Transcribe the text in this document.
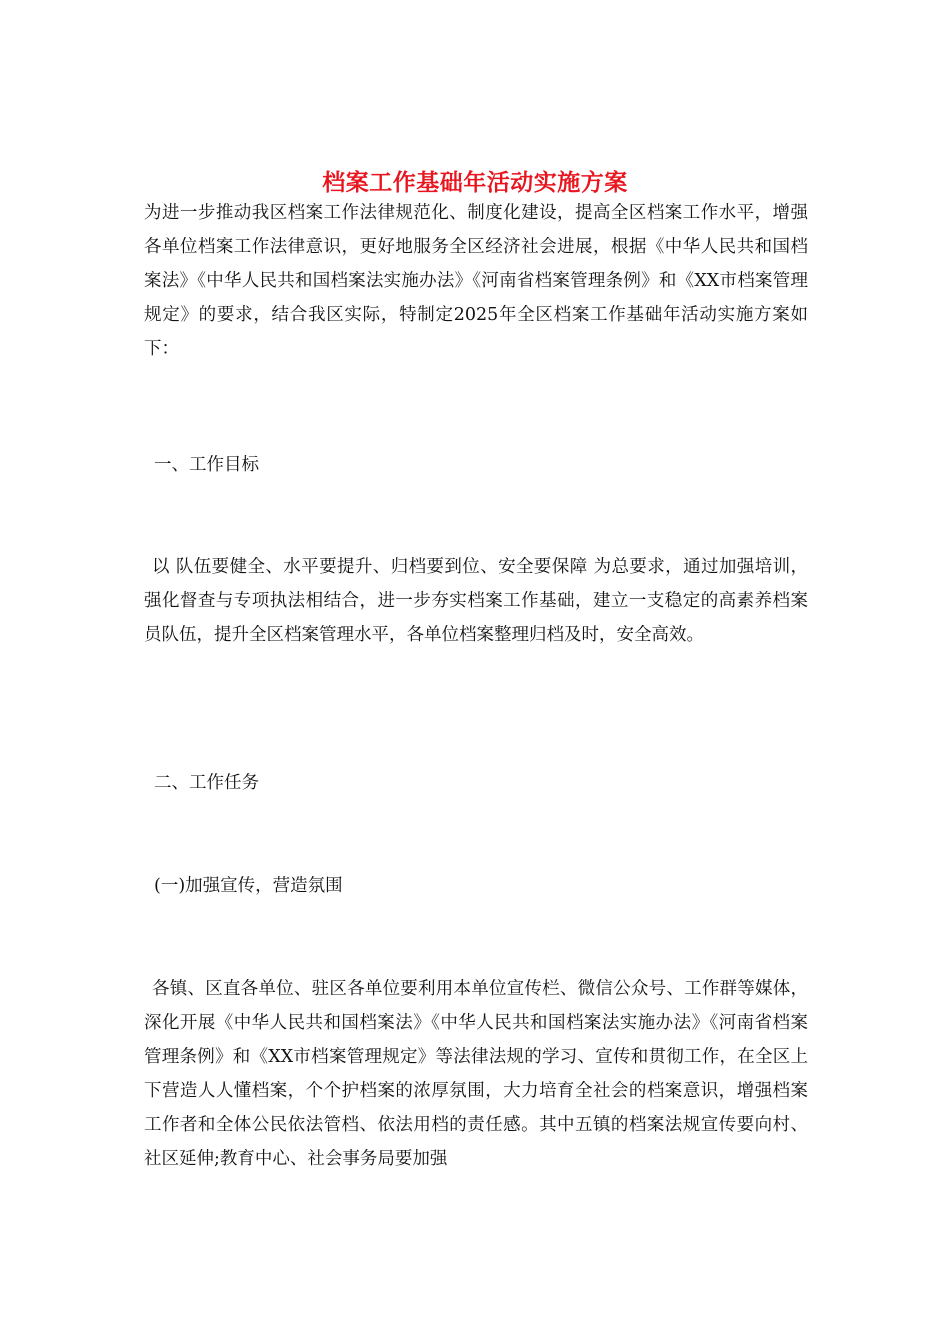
档案工作基础年活动实施方案

为进一步推动我区档案工作法律规范化、制度化建设，提高全区档案工作水平，增强各单位档案工作法律意识，更好地服务全区经济社会进展，根据《中华人民共和国档案法》《中华人民共和国档案法实施办法》《河南省档案管理条例》和《XX市档案管理规定》的要求，结合我区实际，特制定2025年全区档案工作基础年活动实施方案如下：

一、工作目标

以 队伍要健全、水平要提升、归档要到位、安全要保障 为总要求，通过加强培训，强化督查与专项执法相结合，进一步夯实档案工作基础，建立一支稳定的高素养档案员队伍，提升全区档案管理水平，各单位档案整理归档及时，安全高效。

二、工作任务
(一)加强宣传，营造氛围

各镇、区直各单位、驻区各单位要利用本单位宣传栏、微信公众号、工作群等媒体，深化开展《中华人民共和国档案法》《中华人民共和国档案法实施办法》《河南省档案管理条例》和《XX市档案管理规定》等法律法规的学习、宣传和贯彻工作，在全区上下营造人人懂档案，个个护档案的浓厚氛围，大力培育全社会的档案意识，增强档案工作者和全体公民依法管档、依法用档的责任感。其中五镇的档案法规宣传要向村、社区延伸;教育中心、社会事务局要加强
